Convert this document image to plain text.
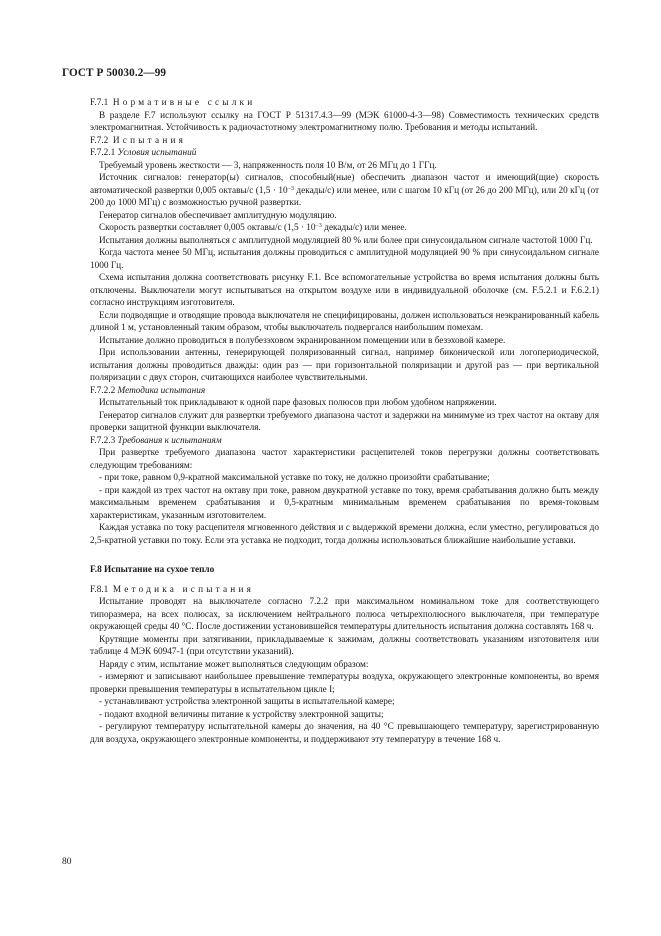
ГОСТ Р 50030.2—99

F.7.1 Нормативные ссылки

В разделе F.7 используют ссылку на ГОСТ Р 51317.4.3—99 (МЭК 61000-4-3—98) Совместимость технических средств электромагнитная. Устойчивость к радиочастотному электромагнитному полю. Требования и методы испытаний.

F.7.2 Испытания

F.7.2.1 Условия испытаний

Требуемый уровень жесткости — 3, напряженность поля 10 В/м, от 26 МГц до 1 ГГц.

Источник сигналов: генератор(ы) сигналов, способный(ные) обеспечить диапазон частот и имеющий(щие) скорость автоматической развертки 0,005 октавы/с ($1,5 \cdot 10^{-3}$ декады/с) или менее, или с шагом 10 кГц (от 26 до 200 МГц), или 20 кГц (от 200 до 1000 МГц) с возможностью ручной развертки.

Генератор сигналов обеспечивает амплитудную модуляцию.

Скорость развертки составляет 0,005 октавы/с ($1,5 \cdot 10^{-3}$ декады/с) или менее.

Испытания должны выполняться с амплитудной модуляцией 80 % или более при синусоидальном сигнале частотой 1000 Гц.

Когда частота менее 50 МГц, испытания должны проводиться с амплитудной модуляцией 90 % при синусоидальном сигнале 1000 Гц.

Схема испытания должна соответствовать рисунку F.1. Все вспомогательные устройства во время испытания должны быть отключены. Выключатели могут испытываться на открытом воздухе или в индивидуальной оболочке (см. F.5.2.1 и F.6.2.1) согласно инструкциям изготовителя.

Если подводящие и отводящие провода выключателя не специфицированы, должен использоваться неэкранированный кабель длиной 1 м, установленный таким образом, чтобы выключатель подвергался наибольшим помехам.

Испытание должно проводиться в полубезэховом экранированном помещении или в безэховой камере.

При использовании антенны, генерирующей поляризованный сигнал, например биконической или логопериодической, испытания должны проводиться дважды: один раз — при горизонтальной поляризации и другой раз — при вертикальной поляризации с двух сторон, считающихся наиболее чувствительными.

F.7.2.2 Методика испытания

Испытательный ток прикладывают к одной паре фазовых полюсов при любом удобном напряжении.

Генератор сигналов служит для развертки требуемого диапазона частот и задержки на минимуме из трех частот на октаву для проверки защитной функции выключателя.

F.7.2.3 Требования к испытаниям

При развертке требуемого диапазона частот характеристики расцепителей токов перегрузки должны соответствовать следующим требованиям:

- при токе, равном 0,9-кратной максимальной уставке по току, не должно произойти срабатывание;

- при каждой из трех частот на октаву при токе, равном двукратной уставке по току, время срабатывания должно быть между максимальным временем срабатывания и 0,5-кратным минимальным временем срабатывания по время-токовым характеристикам, указанным изготовителем.

Каждая уставка по току расцепителя мгновенного действия и с выдержкой времени должна, если уместно, регулироваться до 2,5-кратной уставки по току. Если эта уставка не подходит, тогда должны использоваться ближайшие наибольшие уставки.

F.8 Испытание на сухое тепло

F.8.1 Методика испытания

Испытание проводят на выключателе согласно 7.2.2 при максимальном номинальном токе для соответствующего типоразмера, на всех полюсах, за исключением нейтрального полюса четырехполюсного выключателя, при температуре окружающей среды 40 °С. После достижении установившейся температуры длительность испытания должна составлять 168 ч.

Крутящие моменты при затягивании, прикладываемые к зажимам, должны соответствовать указаниям изготовителя или таблице 4 МЭК 60947-1 (при отсутствии указаний).

Наряду с этим, испытание может выполняться следующим образом:

- измеряют и записывают наибольшее превышение температуры воздуха, окружающего электронные компоненты, во время проверки превышения температуры в испытательном цикле I;

- устанавливают устройства электронной защиты в испытательной камере;

- подают входной величины питание к устройству электронной защиты;

- регулируют температуру испытательной камеры до значения, на 40 °С превышающего температуру, зарегистрированную для воздуха, окружающего электронные компоненты, и поддерживают эту температуру в течение 168 ч.

80
